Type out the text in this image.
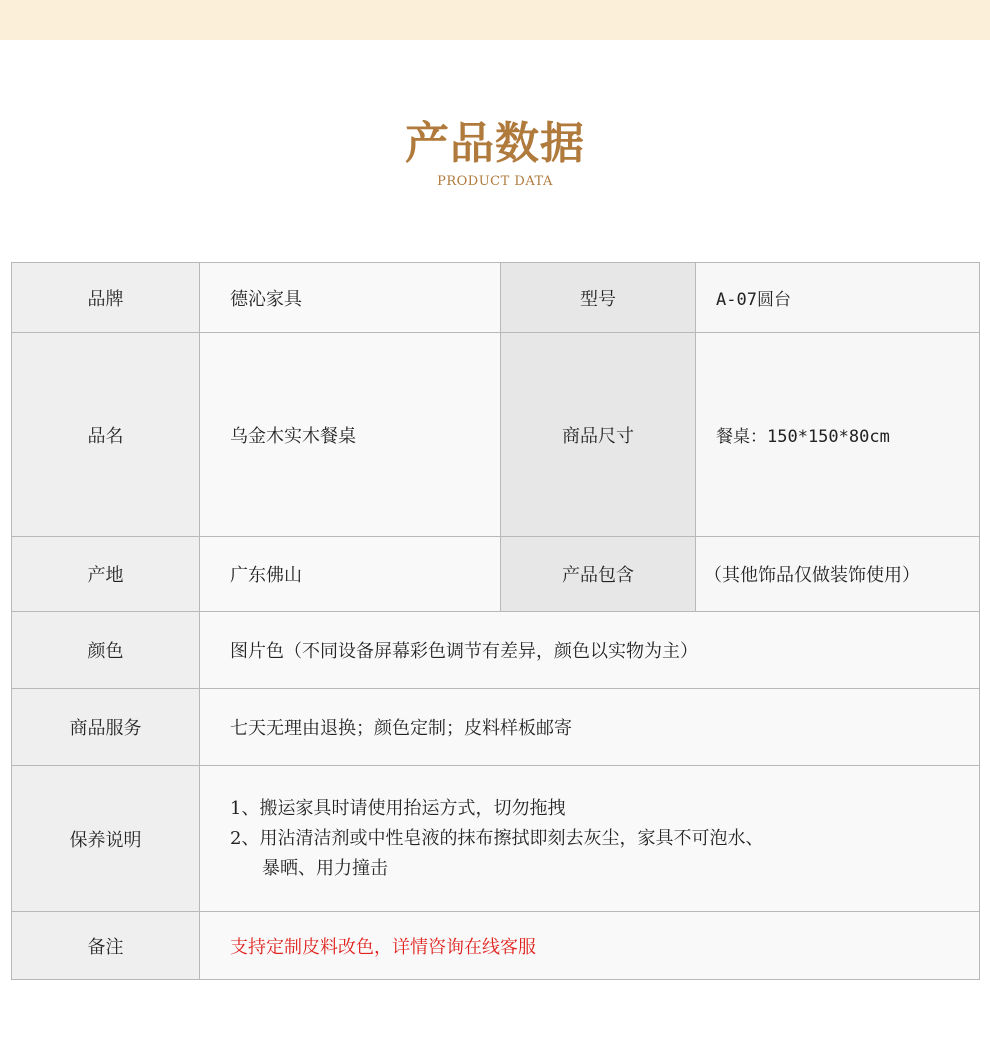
产品数据
PRODUCT DATA
品牌	德沁家具	型号	A-07圆台
品名	乌金木实木餐桌	商品尺寸	餐桌：150*150*80cm
产地	广东佛山	产品包含	（其他饰品仅做装饰使用）
颜色	图片色（不同设备屏幕彩色调节有差异，颜色以实物为主）		
商品服务	七天无理由退换；颜色定制；皮料样板邮寄		
保养说明	1、搬运家具时请使用抬运方式，切勿拖拽
2、用沾清洁剂或中性皂液的抹布擦拭即刻去灰尘，家具不可泡水、
暴晒、用力撞击		

备注	支持定制皮料改色，详情咨询在线客服		
